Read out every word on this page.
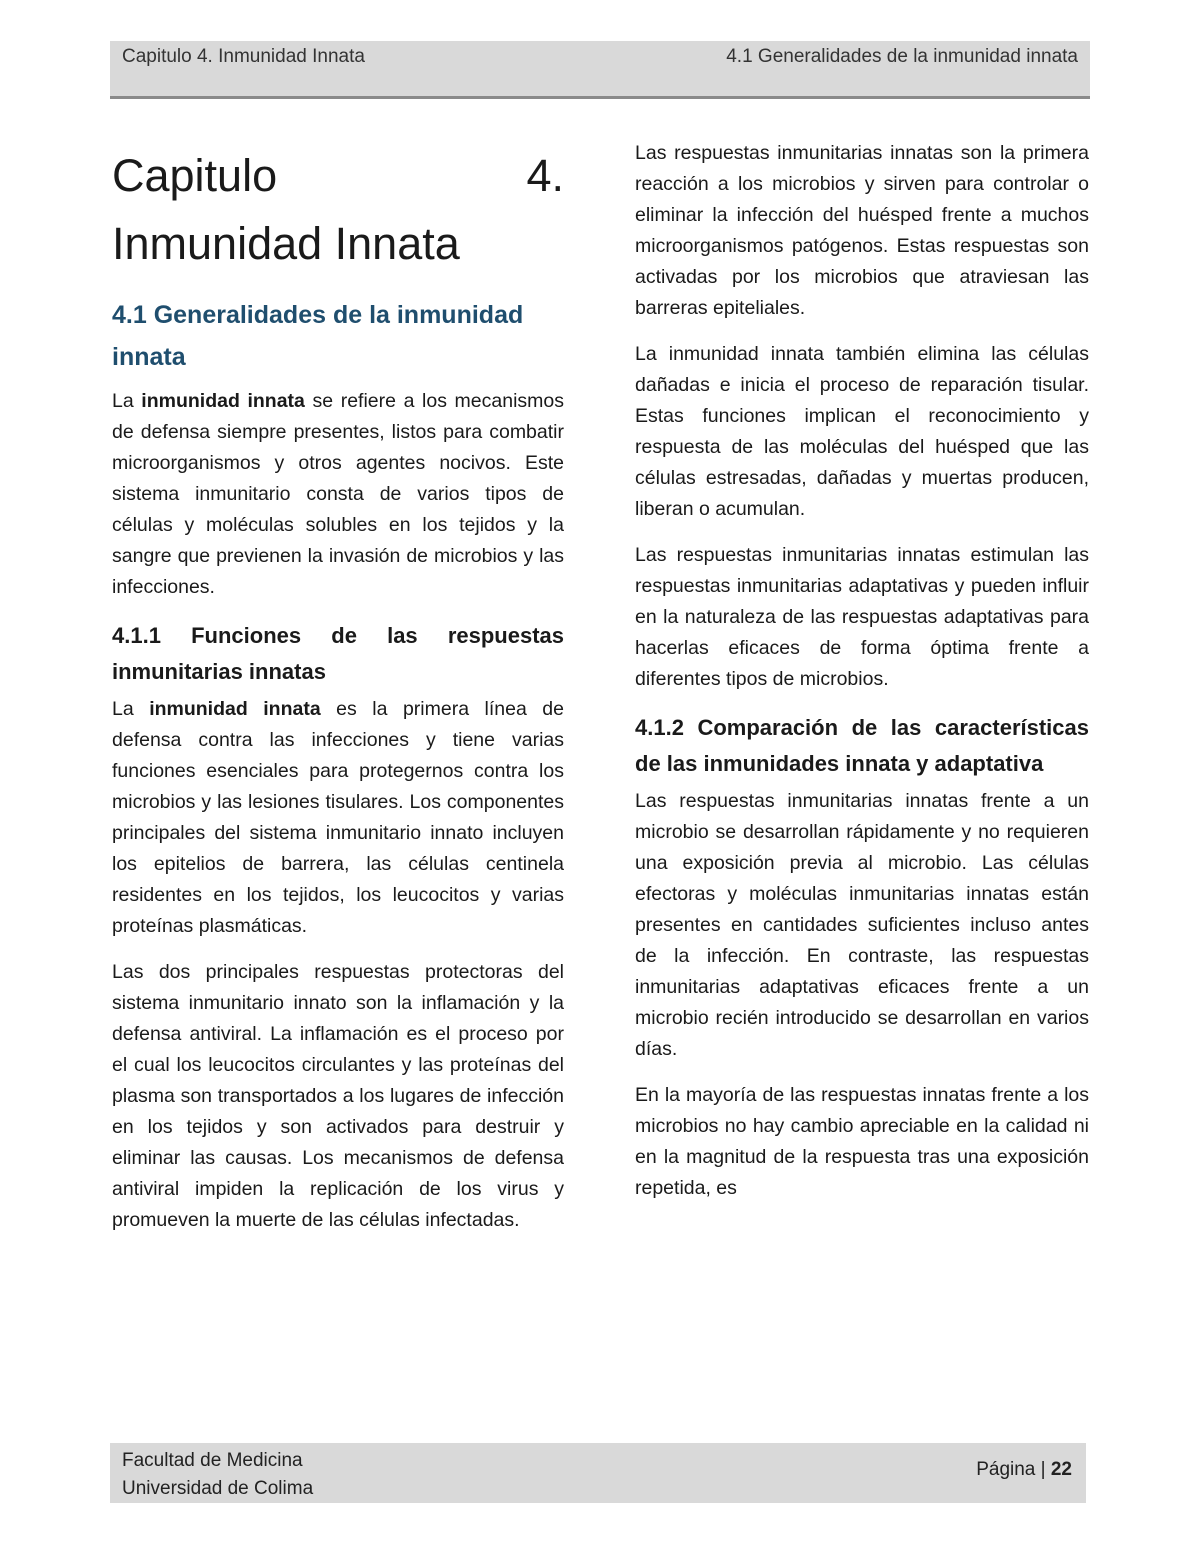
Capitulo 4. Inmunidad Innata	4.1 Generalidades de la inmunidad innata
Capitulo	4.
Inmunidad Innata
4.1 Generalidades de la inmunidad innata

La inmunidad innata se refiere a los mecanismos de defensa siempre presentes, listos para combatir microorganismos y otros agentes nocivos. Este sistema inmunitario consta de varios tipos de células y moléculas solubles en los tejidos y la sangre que previenen la invasión de microbios y las infecciones.

4.1.1 Funciones de las respuestas inmunitarias innatas

La inmunidad innata es la primera línea de defensa contra las infecciones y tiene varias funciones esenciales para protegernos contra los microbios y las lesiones tisulares. Los componentes principales del sistema inmunitario innato incluyen los epitelios de barrera, las células centinela residentes en los tejidos, los leucocitos y varias proteínas plasmáticas.

Las dos principales respuestas protectoras del sistema inmunitario innato son la inflamación y la defensa antiviral. La inflamación es el proceso por el cual los leucocitos circulantes y las proteínas del plasma son transportados a los lugares de infección en los tejidos y son activados para destruir y eliminar las causas. Los mecanismos de defensa antiviral impiden la replicación de los virus y promueven la muerte de las células infectadas.

Las respuestas inmunitarias innatas son la primera reacción a los microbios y sirven para controlar o eliminar la infección del huésped frente a muchos microorganismos patógenos. Estas respuestas son activadas por los microbios que atraviesan las barreras epiteliales.

La inmunidad innata también elimina las células dañadas e inicia el proceso de reparación tisular. Estas funciones implican el reconocimiento y respuesta de las moléculas del huésped que las células estresadas, dañadas y muertas producen, liberan o acumulan.

Las respuestas inmunitarias innatas estimulan las respuestas inmunitarias adaptativas y pueden influir en la naturaleza de las respuestas adaptativas para hacerlas eficaces de forma óptima frente a diferentes tipos de microbios.

4.1.2 Comparación de las características de las inmunidades innata y adaptativa

Las respuestas inmunitarias innatas frente a un microbio se desarrollan rápidamente y no requieren una exposición previa al microbio. Las células efectoras y moléculas inmunitarias innatas están presentes en cantidades suficientes incluso antes de la infección. En contraste, las respuestas inmunitarias adaptativas eficaces frente a un microbio recién introducido se desarrollan en varios días.

En la mayoría de las respuestas innatas frente a los microbios no hay cambio apreciable en la calidad ni en la magnitud de la respuesta tras una exposición repetida, es

Facultad de Medicina
Universidad de Colima
Página | 22
